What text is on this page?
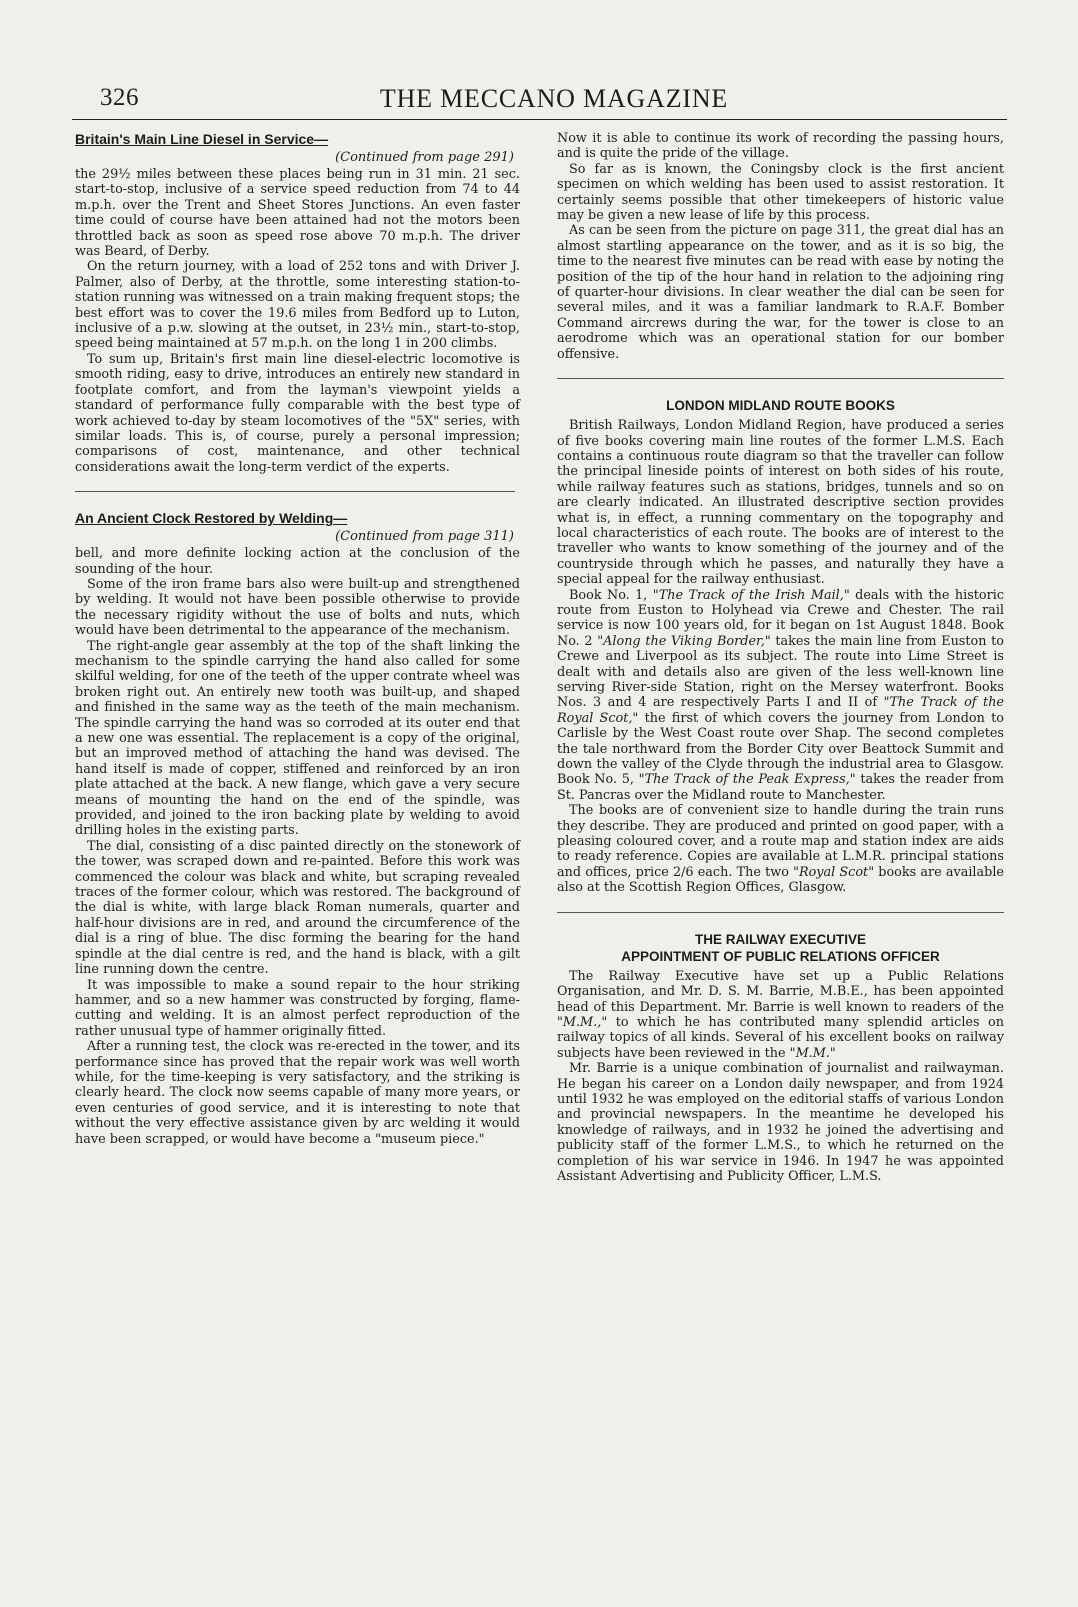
326	THE MECCANO MAGAZINE
Britain's Main Line Diesel in Service—
(Continued from page 291)

the 29½ miles between these places being run in 31 min. 21 sec. start-to-stop, inclusive of a service speed reduction from 74 to 44 m.p.h. over the Trent and Sheet Stores Junctions. An even faster time could of course have been attained had not the motors been throttled back as soon as speed rose above 70 m.p.h. The driver was Beard, of Derby.

On the return journey, with a load of 252 tons and with Driver J. Palmer, also of Derby, at the throttle, some interesting station-to-station running was witnessed on a train making frequent stops; the best effort was to cover the 19.6 miles from Bedford up to Luton, inclusive of a p.w. slowing at the outset, in 23½ min., start-to-stop, speed being maintained at 57 m.p.h. on the long 1 in 200 climbs.

To sum up, Britain's first main line diesel-electric locomotive is smooth riding, easy to drive, introduces an entirely new standard in footplate comfort, and from the layman's viewpoint yields a standard of performance fully comparable with the best type of work achieved to-day by steam locomotives of the "5X" series, with similar loads. This is, of course, purely a personal impression; comparisons of cost, maintenance, and other technical considerations await the long-term verdict of the experts.

An Ancient Clock Restored by Welding—
(Continued from page 311)

bell, and more definite locking action at the conclusion of the sounding of the hour.

Some of the iron frame bars also were built-up and strengthened by welding. It would not have been possible otherwise to provide the necessary rigidity without the use of bolts and nuts, which would have been detrimental to the appearance of the mechanism.

The right-angle gear assembly at the top of the shaft linking the mechanism to the spindle carrying the hand also called for some skilful welding, for one of the teeth of the upper contrate wheel was broken right out. An entirely new tooth was built-up, and shaped and finished in the same way as the teeth of the main mechanism. The spindle carrying the hand was so corroded at its outer end that a new one was essential. The replacement is a copy of the original, but an improved method of attaching the hand was devised. The hand itself is made of copper, stiffened and reinforced by an iron plate attached at the back. A new flange, which gave a very secure means of mounting the hand on the end of the spindle, was provided, and joined to the iron backing plate by welding to avoid drilling holes in the existing parts.

The dial, consisting of a disc painted directly on the stonework of the tower, was scraped down and re-painted. Before this work was commenced the colour was black and white, but scraping revealed traces of the former colour, which was restored. The background of the dial is white, with large black Roman numerals, quarter and half-hour divisions are in red, and around the circumference of the dial is a ring of blue. The disc forming the bearing for the hand spindle at the dial centre is red, and the hand is black, with a gilt line running down the centre.

It was impossible to make a sound repair to the hour striking hammer, and so a new hammer was constructed by forging, flame-cutting and welding. It is an almost perfect reproduction of the rather unusual type of hammer originally fitted.

After a running test, the clock was re-erected in the tower, and its performance since has proved that the repair work was well worth while, for the time-keeping is very satisfactory, and the striking is clearly heard. The clock now seems capable of many more years, or even centuries of good service, and it is interesting to note that without the very effective assistance given by arc welding it would have been scrapped, or would have become a "museum piece."

Now it is able to continue its work of recording the passing hours, and is quite the pride of the village.

So far as is known, the Coningsby clock is the first ancient specimen on which welding has been used to assist restoration. It certainly seems possible that other timekeepers of historic value may be given a new lease of life by this process.

As can be seen from the picture on page 311, the great dial has an almost startling appearance on the tower, and as it is so big, the time to the nearest five minutes can be read with ease by noting the position of the tip of the hour hand in relation to the adjoining ring of quarter-hour divisions. In clear weather the dial can be seen for several miles, and it was a familiar landmark to R.A.F. Bomber Command aircrews during the war, for the tower is close to an aerodrome which was an operational station for our bomber offensive.

LONDON MIDLAND ROUTE BOOKS

British Railways, London Midland Region, have produced a series of five books covering main line routes of the former L.M.S. Each contains a continuous route diagram so that the traveller can follow the principal lineside points of interest on both sides of his route, while railway features such as stations, bridges, tunnels and so on are clearly indicated. An illustrated descriptive section provides what is, in effect, a running commentary on the topography and local characteristics of each route. The books are of interest to the traveller who wants to know something of the journey and of the countryside through which he passes, and naturally they have a special appeal for the railway enthusiast.

Book No. 1, "The Track of the Irish Mail," deals with the historic route from Euston to Holyhead via Crewe and Chester. The rail service is now 100 years old, for it began on 1st August 1848. Book No. 2 "Along the Viking Border," takes the main line from Euston to Crewe and Liverpool as its subject. The route into Lime Street is dealt with and details also are given of the less well-known line serving River-side Station, right on the Mersey waterfront. Books Nos. 3 and 4 are respectively Parts I and II of "The Track of the Royal Scot," the first of which covers the journey from London to Carlisle by the West Coast route over Shap. The second completes the tale northward from the Border City over Beattock Summit and down the valley of the Clyde through the industrial area to Glasgow. Book No. 5, "The Track of the Peak Express," takes the reader from St. Pancras over the Midland route to Manchester.

The books are of convenient size to handle during the train runs they describe. They are produced and printed on good paper, with a pleasing coloured cover, and a route map and station index are aids to ready reference. Copies are available at L.M.R. principal stations and offices, price 2/6 each. The two "Royal Scot" books are available also at the Scottish Region Offices, Glasgow.

THE RAILWAY EXECUTIVE
APPOINTMENT OF PUBLIC RELATIONS OFFICER

The Railway Executive have set up a Public Relations Organisation, and Mr. D. S. M. Barrie, M.B.E., has been appointed head of this Department. Mr. Barrie is well known to readers of the "M.M.," to which he has contributed many splendid articles on railway topics of all kinds. Several of his excellent books on railway subjects have been reviewed in the "M.M."

Mr. Barrie is a unique combination of journalist and railwayman. He began his career on a London daily newspaper, and from 1924 until 1932 he was employed on the editorial staffs of various London and provincial newspapers. In the meantime he developed his knowledge of railways, and in 1932 he joined the advertising and publicity staff of the former L.M.S., to which he returned on the completion of his war service in 1946. In 1947 he was appointed Assistant Advertising and Publicity Officer, L.M.S.
